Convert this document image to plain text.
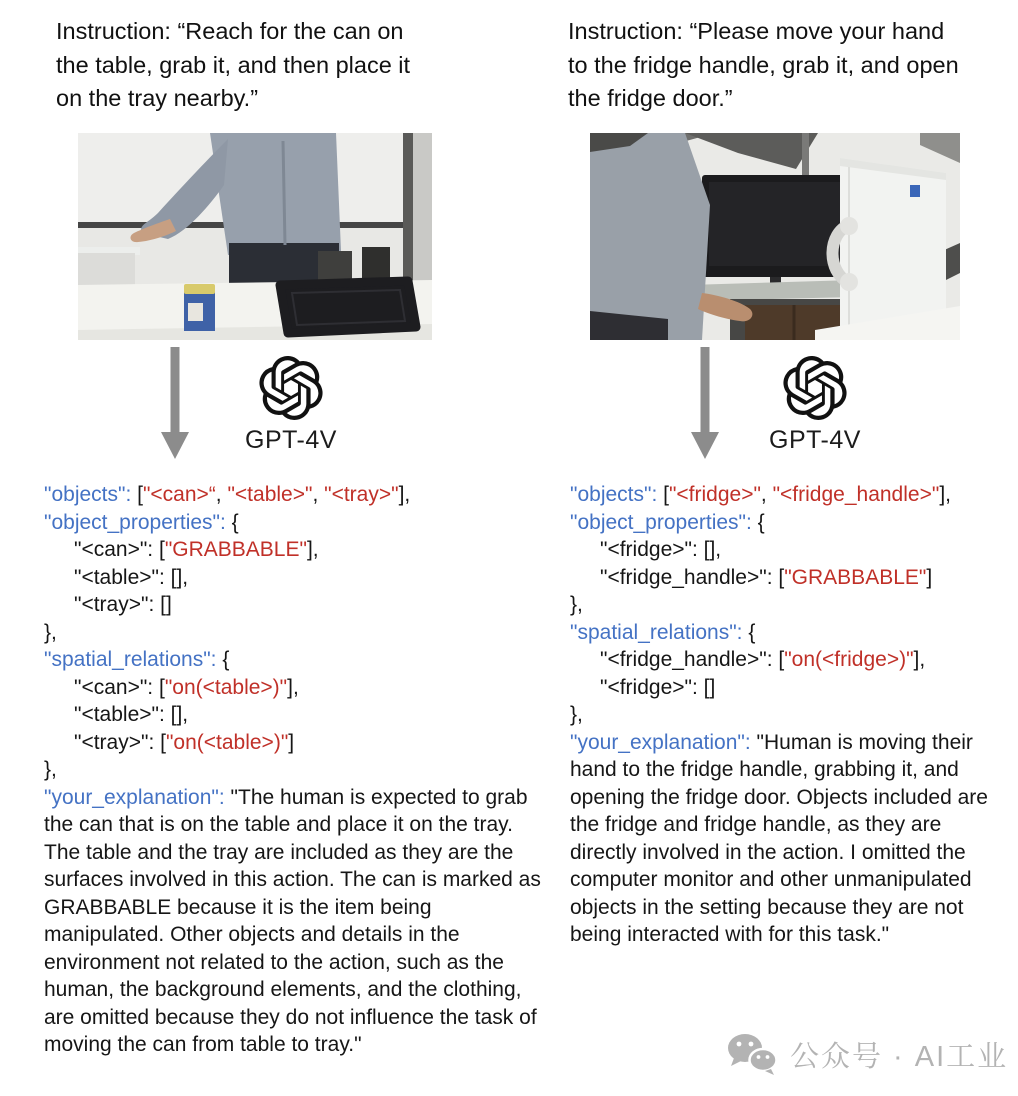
Instruction: “Reach for the can on the table, grab it, and then place it on the tray nearby.”
Instruction: “Please move your hand to the fridge handle, grab it, and open the fridge door.”
GPT-4V	GPT-4V
"objects": ["<can>“, "<table>", "<tray>"],
"object_properties": {
"<can>": ["GRABBABLE"],
"<table>": [],
"<tray>": []
},
"spatial_relations": {
"<can>": ["on(<table>)"],
"<table>": [],
"<tray>": ["on(<table>)"]
},
"your_explanation": "The human is expected to grab the can that is on the table and place it on the tray. The table and the tray are included as they are the surfaces involved in this action. The can is marked as GRABBABLE because it is the item being manipulated. Other objects and details in the environment not related to the action, such as the human, the background elements, and the clothing, are omitted because they do not influence the task of moving the can from table to tray."
"objects": ["<fridge>", "<fridge_handle>"],
"object_properties": {
"<fridge>": [],
"<fridge_handle>": ["GRABBABLE"]
},
"spatial_relations": {
"<fridge_handle>": ["on(<fridge>)"],
"<fridge>": []
},
"your_explanation": "Human is moving their hand to the fridge handle, grabbing it, and opening the fridge door. Objects included are the fridge and fridge handle, as they are directly involved in the action. I omitted the computer monitor and other unmanipulated objects in the setting because they are not being interacted with for this task."
公众号 · AI工业
